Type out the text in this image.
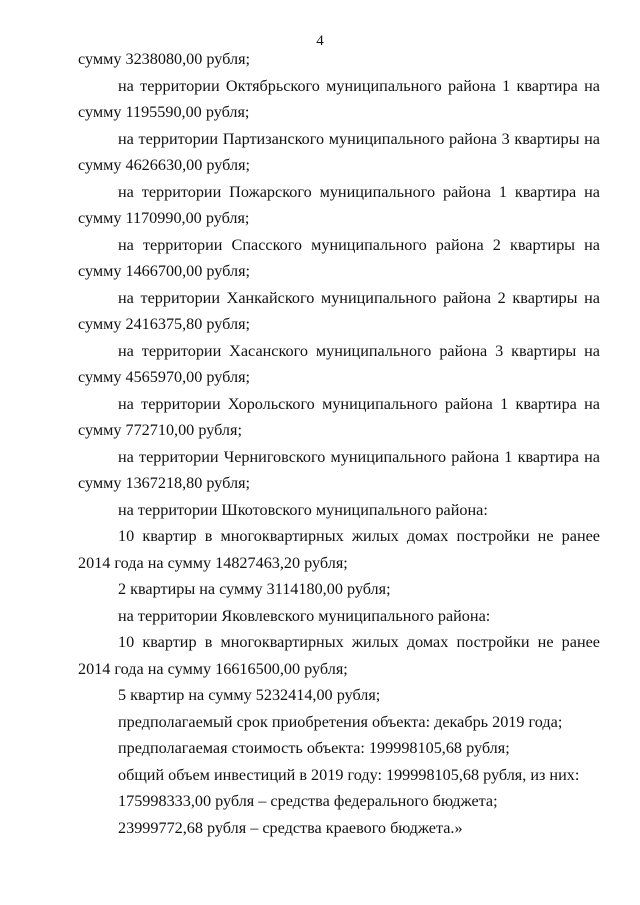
4

сумму 3238080,00 рубля;

на территории Октябрьского муниципального района 1 квартира на сумму 1195590,00 рубля;

на территории Партизанского муниципального района 3 квартиры на сумму 4626630,00 рубля;

на территории Пожарского муниципального района 1 квартира на сумму 1170990,00 рубля;

на территории Спасского муниципального района 2 квартиры на сумму 1466700,00 рубля;

на территории Ханкайского муниципального района 2 квартиры на сумму 2416375,80 рубля;

на территории Хасанского муниципального района 3 квартиры на сумму 4565970,00 рубля;

на территории Хорольского муниципального района 1 квартира на сумму 772710,00 рубля;

на территории Черниговского муниципального района 1 квартира на сумму 1367218,80 рубля;

на территории Шкотовского муниципального района:

10 квартир в многоквартирных жилых домах постройки не ранее 2014 года на сумму 14827463,20 рубля;

2 квартиры на сумму 3114180,00 рубля;

на территории Яковлевского муниципального района:

10 квартир в многоквартирных жилых домах постройки не ранее 2014 года на сумму 16616500,00 рубля;

5 квартир на сумму 5232414,00 рубля;

предполагаемый срок приобретения объекта: декабрь 2019 года;

предполагаемая стоимость объекта: 199998105,68 рубля;

общий объем инвестиций в 2019 году: 199998105,68 рубля, из них:

175998333,00 рубля – средства федерального бюджета;

23999772,68 рубля – средства краевого бюджета.»
